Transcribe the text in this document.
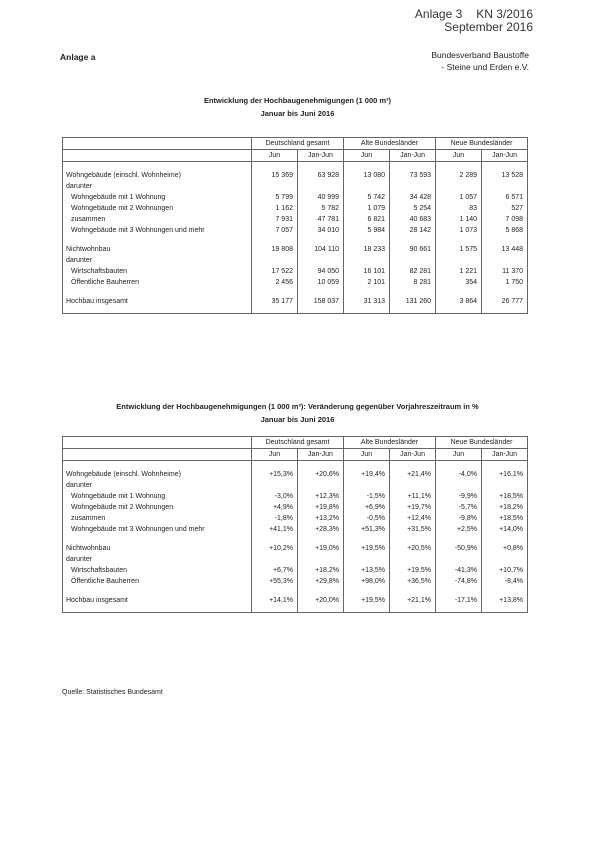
Anlage 3 KN 3/2016
September 2016
Anlage a	Bundesverband Baustoffe
- Steine und Erden e.V.
Entwicklung der Hochbaugenehmigungen (1 000 m³)
Januar bis Juni 2016
	Deutschland gesamt		Alte Bundesländer		Neue Bundesländer	
	Jun	Jan-Jun	Jun	Jan-Jun	Jun	Jan-Jun

Wohngebäude (einschl. Wohnheime)	15 369	63 928	13 080	73 593	2 289	13 528
darunter						
Wohngebäude mit 1 Wohnung	5 799	40 999	5 742	34 428	1 057	6 571
Wohngebäude mit 2 Wohnungen	1 162	5 782	1 079	5 254	83	527
zusammen	7 931	47 781	6 821	40 683	1 140	7 098
Wohngebäude mit 3 Wohnungen und mehr	7 057	34 010	5 984	28 142	1 073	5 868

Nichtwohnbau	19 808	104 110	18 233	90 661	1 575	13 448
darunter						
Wirtschaftsbauten	17 522	94 050	16 101	82 281	1 221	11 370
Öffentliche Bauherren	2 456	10 059	2 101	8 281	354	1 750

Hochbau insgesamt	35 177	158 037	31 313	131 260	3 864	26 777

Entwicklung der Hochbaugenehmigungen (1 000 m³): Veränderung gegenüber Vorjahreszeitraum in %
Januar bis Juni 2016
	Deutschland gesamt		Alte Bundesländer		Neue Bundesländer	
	Jun	Jan-Jun	Jun	Jan-Jun	Jun	Jan-Jun

Wohngebäude (einschl. Wohnheime)	+15,3%	+20,6%	+19,4%	+21,4%	-4,0%	+16,1%
darunter						
Wohngebäude mit 1 Wohnung	-3,0%	+12,3%	-1,5%	+11,1%	-9,9%	+18,5%
Wohngebäude mit 2 Wohnungen	+4,9%	+19,8%	+6,9%	+19,7%	-5,7%	+18,2%
zusammen	-1,8%	+13,2%	-0,5%	+12,4%	-9,8%	+18,5%
Wohngebäude mit 3 Wohnungen und mehr	+41,1%	+28,3%	+51,3%	+31,5%	+2,5%	+14,0%

Nichtwohnbau	+10,2%	+19,0%	+19,5%	+20,5%	-50,9%	+0,8%
darunter						
Wirtschaftsbauten	+6,7%	+18,2%	+13,5%	+19,5%	-41,3%	+10,7%
Öffentliche Bauherren	+55,3%	+29,8%	+98,0%	+36,5%	-74,8%	-8,4%

Hochbau insgesamt	+14,1%	+20,0%	+19,5%	+21,1%	-17,1%	+13,8%

Quelle: Statistisches Bundesamt
